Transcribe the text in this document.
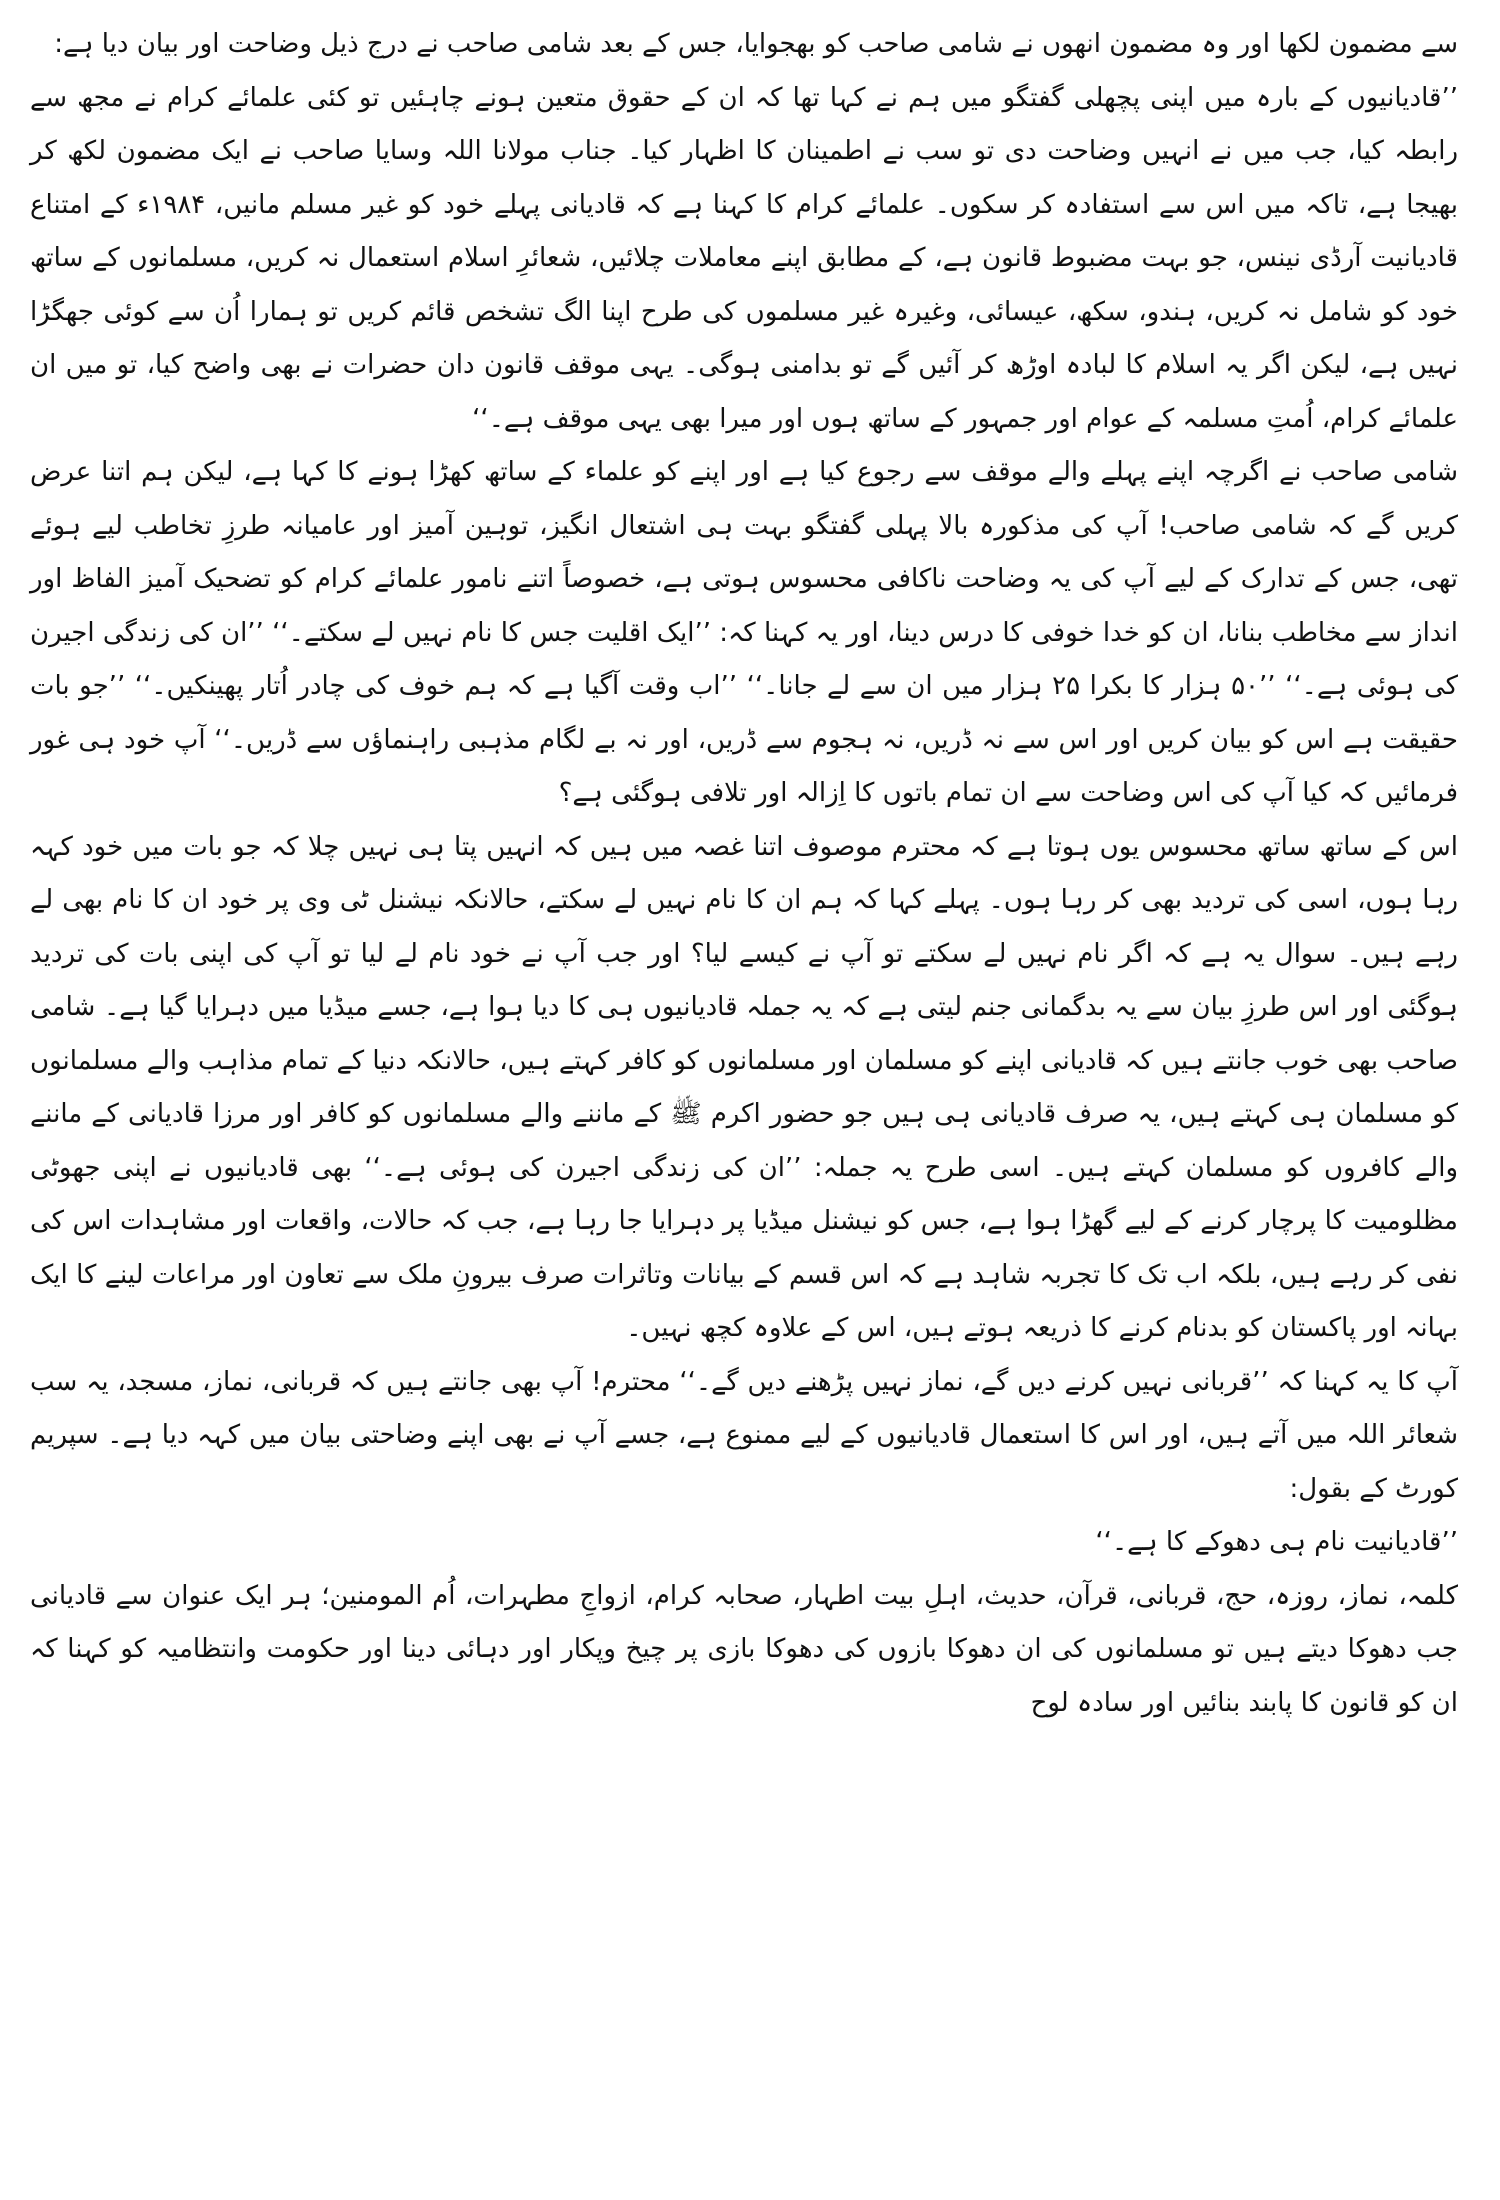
سے مضمون لکھا اور وہ مضمون انھوں نے شامی صاحب کو بھجوایا، جس کے بعد شامی صاحب نے درج ذیل وضاحت اور بیان دیا ہے:

’’قادیانیوں کے بارہ میں اپنی پچھلی گفتگو میں ہم نے کہا تھا کہ ان کے حقوق متعین ہونے چاہئیں تو کئی علمائے کرام نے مجھ سے رابطہ کیا، جب میں نے انہیں وضاحت دی تو سب نے اطمینان کا اظہار کیا۔ جناب مولانا اللہ وسایا صاحب نے ایک مضمون لکھ کر بھیجا ہے، تاکہ میں اس سے استفادہ کر سکوں۔ علمائے کرام کا کہنا ہے کہ قادیانی پہلے خود کو غیر مسلم مانیں، ۱۹۸۴ء کے امتناع قادیانیت آرڈی نینس، جو بہت مضبوط قانون ہے، کے مطابق اپنے معاملات چلائیں، شعائرِ اسلام استعمال نہ کریں، مسلمانوں کے ساتھ خود کو شامل نہ کریں، ہندو، سکھ، عیسائی، وغیرہ غیر مسلموں کی طرح اپنا الگ تشخص قائم کریں تو ہمارا اُن سے کوئی جھگڑا نہیں ہے، لیکن اگر یہ اسلام کا لبادہ اوڑھ کر آئیں گے تو بدامنی ہوگی۔ یہی موقف قانون دان حضرات نے بھی واضح کیا، تو میں ان علمائے کرام، اُمتِ مسلمہ کے عوام اور جمہور کے ساتھ ہوں اور میرا بھی یہی موقف ہے۔‘‘

شامی صاحب نے اگرچہ اپنے پہلے والے موقف سے رجوع کیا ہے اور اپنے کو علماء کے ساتھ کھڑا ہونے کا کہا ہے، لیکن ہم اتنا عرض کریں گے کہ شامی صاحب! آپ کی مذکورہ بالا پہلی گفتگو بہت ہی اشتعال انگیز، توہین آمیز اور عامیانہ طرزِ تخاطب لیے ہوئے تھی، جس کے تدارک کے لیے آپ کی یہ وضاحت ناکافی محسوس ہوتی ہے، خصوصاً اتنے نامور علمائے کرام کو تضحیک آمیز الفاظ اور انداز سے مخاطب بنانا، ان کو خدا خوفی کا درس دینا، اور یہ کہنا کہ: ’’ایک اقلیت جس کا نام نہیں لے سکتے۔‘‘ ’’ان کی زندگی اجیرن کی ہوئی ہے۔‘‘ ’’۵۰ ہزار کا بکرا ۲۵ ہزار میں ان سے لے جانا۔‘‘ ’’اب وقت آگیا ہے کہ ہم خوف کی چادر اُتار پھینکیں۔‘‘ ’’جو بات حقیقت ہے اس کو بیان کریں اور اس سے نہ ڈریں، نہ ہجوم سے ڈریں، اور نہ بے لگام مذہبی راہنماؤں سے ڈریں۔‘‘ آپ خود ہی غور فرمائیں کہ کیا آپ کی اس وضاحت سے ان تمام باتوں کا اِزالہ اور تلافی ہوگئی ہے؟

اس کے ساتھ ساتھ محسوس یوں ہوتا ہے کہ محترم موصوف اتنا غصہ میں ہیں کہ انہیں پتا ہی نہیں چلا کہ جو بات میں خود کہہ رہا ہوں، اسی کی تردید بھی کر رہا ہوں۔ پہلے کہا کہ ہم ان کا نام نہیں لے سکتے، حالانکہ نیشنل ٹی وی پر خود ان کا نام بھی لے رہے ہیں۔ سوال یہ ہے کہ اگر نام نہیں لے سکتے تو آپ نے کیسے لیا؟ اور جب آپ نے خود نام لے لیا تو آپ کی اپنی بات کی تردید ہوگئی اور اس طرزِ بیان سے یہ بدگمانی جنم لیتی ہے کہ یہ جملہ قادیانیوں ہی کا دیا ہوا ہے، جسے میڈیا میں دہرایا گیا ہے۔ شامی صاحب بھی خوب جانتے ہیں کہ قادیانی اپنے کو مسلمان اور مسلمانوں کو کافر کہتے ہیں، حالانکہ دنیا کے تمام مذاہب والے مسلمانوں کو مسلمان ہی کہتے ہیں، یہ صرف قادیانی ہی ہیں جو حضور اکرم ﷺ کے ماننے والے مسلمانوں کو کافر اور مرزا قادیانی کے ماننے والے کافروں کو مسلمان کہتے ہیں۔ اسی طرح یہ جملہ: ’’ان کی زندگی اجیرن کی ہوئی ہے۔‘‘ بھی قادیانیوں نے اپنی جھوٹی مظلومیت کا پرچار کرنے کے لیے گھڑا ہوا ہے، جس کو نیشنل میڈیا پر دہرایا جا رہا ہے، جب کہ حالات، واقعات اور مشاہدات اس کی نفی کر رہے ہیں، بلکہ اب تک کا تجربہ شاہد ہے کہ اس قسم کے بیانات وتاثرات صرف بیرونِ ملک سے تعاون اور مراعات لینے کا ایک بہانہ اور پاکستان کو بدنام کرنے کا ذریعہ ہوتے ہیں، اس کے علاوہ کچھ نہیں۔

آپ کا یہ کہنا کہ ’’قربانی نہیں کرنے دیں گے، نماز نہیں پڑھنے دیں گے۔‘‘ محترم! آپ بھی جانتے ہیں کہ قربانی، نماز، مسجد، یہ سب شعائر اللہ میں آتے ہیں، اور اس کا استعمال قادیانیوں کے لیے ممنوع ہے، جسے آپ نے بھی اپنے وضاحتی بیان میں کہہ دیا ہے۔ سپریم کورٹ کے بقول:

’’قادیانیت نام ہی دھوکے کا ہے۔‘‘

کلمہ، نماز، روزہ، حج، قربانی، قرآن، حدیث، اہلِ بیت اطہار، صحابہ کرام، ازواجِ مطہرات، اُم المومنین؛ ہر ایک عنوان سے قادیانی جب دھوکا دیتے ہیں تو مسلمانوں کی ان دھوکا بازوں کی دھوکا بازی پر چیخ وپکار اور دہائی دینا اور حکومت وانتظامیہ کو کہنا کہ ان کو قانون کا پابند بنائیں اور سادہ لوح
